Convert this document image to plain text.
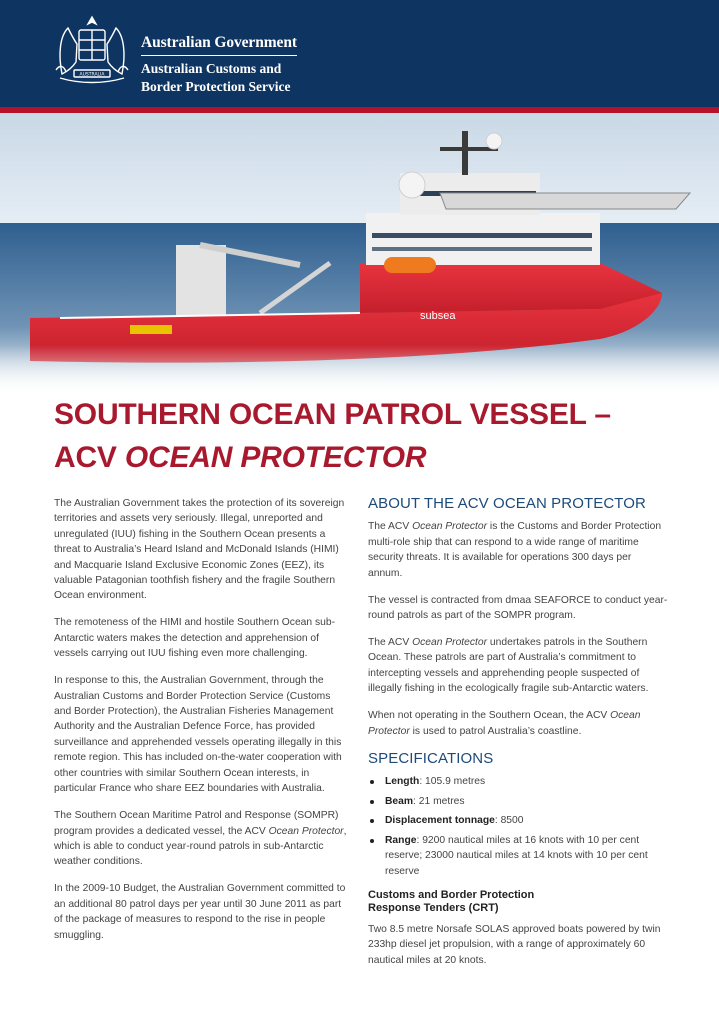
AUSTRALIA
Australian Government
Australian Customs and
Border Protection Service
subsea
SOUTHERN OCEAN PATROL VESSEL –
ACV OCEAN PROTECTOR

The Australian Government takes the protection of its sovereign territories and assets very seriously. Illegal, unreported and unregulated (IUU) fishing in the Southern Ocean presents a threat to Australia’s Heard Island and McDonald Islands (HIMI) and Macquarie Island Exclusive Economic Zones (EEZ), its valuable Patagonian toothfish fishery and the fragile Southern Ocean environment.

The remoteness of the HIMI and hostile Southern Ocean sub-Antarctic waters makes the detection and apprehension of vessels carrying out IUU fishing even more challenging.

In response to this, the Australian Government, through the Australian Customs and Border Protection Service (Customs and Border Protection), the Australian Fisheries Management Authority and the Australian Defence Force, has provided surveillance and apprehended vessels operating illegally in this remote region. This has included on-the-water cooperation with other countries with similar Southern Ocean interests, in particular France who share EEZ boundaries with Australia.

The Southern Ocean Maritime Patrol and Response (SOMPR) program provides a dedicated vessel, the ACV Ocean Protector, which is able to conduct year-round patrols in sub-Antarctic weather conditions.

In the 2009-10 Budget, the Australian Government committed to an additional 80 patrol days per year until 30 June 2011 as part of the package of measures to respond to the rise in people smuggling.

ABOUT THE ACV OCEAN PROTECTOR

The ACV Ocean Protector is the Customs and Border Protection multi-role ship that can respond to a wide range of maritime security threats. It is available for operations 300 days per annum.

The vessel is contracted from dmaa SEAFORCE to conduct year-round patrols as part of the SOMPR program.

The ACV Ocean Protector undertakes patrols in the Southern Ocean. These patrols are part of Australia’s commitment to intercepting vessels and apprehending people suspected of illegally fishing in the ecologically fragile sub-Antarctic waters.

When not operating in the Southern Ocean, the ACV Ocean Protector is used to patrol Australia’s coastline.

SPECIFICATIONS
Length: 105.9 metres
Beam: 21 metres
Displacement tonnage: 8500
Range: 9200 nautical miles at 16 knots with 10 per cent reserve; 23000 nautical miles at 14 knots with 10 per cent reserve
Customs and Border Protection
Response Tenders (CRT)

Two 8.5 metre Norsafe SOLAS approved boats powered by twin 233hp diesel jet propulsion, with a range of approximately 60 nautical miles at 20 knots.
